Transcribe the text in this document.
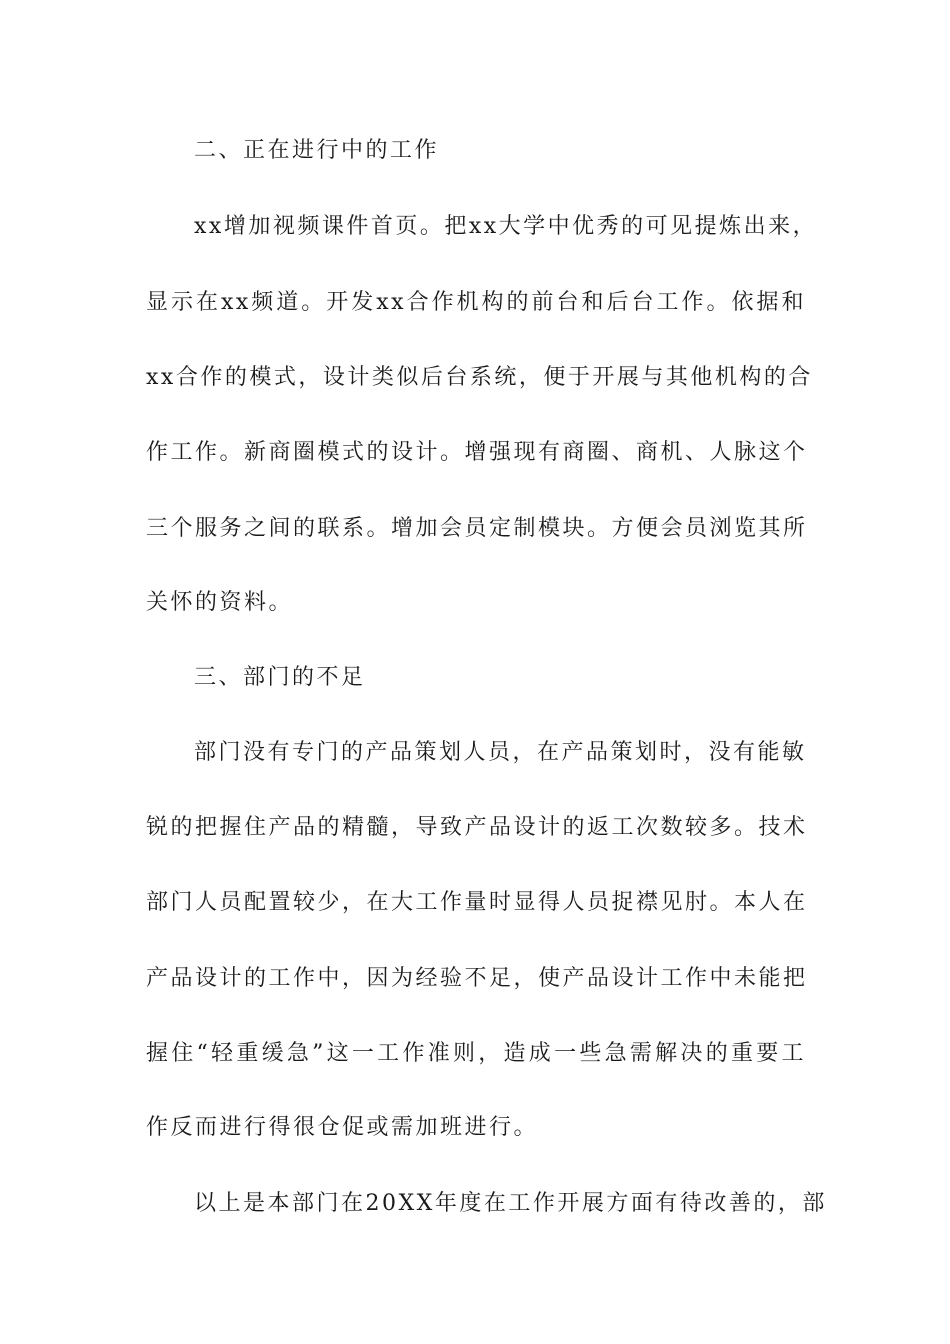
二、正在进行中的工作
xx增加视频课件首页。把xx大学中优秀的可见提炼出来，
显示在xx频道。开发xx合作机构的前台和后台工作。依据和
xx合作的模式，设计类似后台系统，便于开展与其他机构的合
作工作。新商圈模式的设计。增强现有商圈、商机、人脉这个
三个服务之间的联系。增加会员定制模块。方便会员浏览其所
关怀的资料。
三、部门的不足
部门没有专门的产品策划人员，在产品策划时，没有能敏
锐的把握住产品的精髓，导致产品设计的返工次数较多。技术
部门人员配置较少，在大工作量时显得人员捉襟见肘。本人在
产品设计的工作中，因为经验不足，使产品设计工作中未能把
握住“轻重缓急”这一工作准则，造成一些急需解决的重要工
作反而进行得很仓促或需加班进行。
以上是本部门在20XX年度在工作开展方面有待改善的，部
